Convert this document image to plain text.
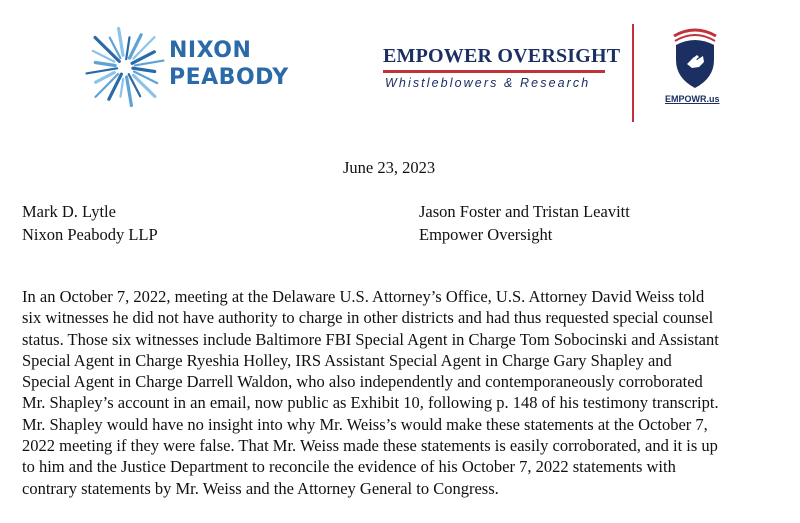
NIXON
PEABODY
EMPOWER OVERSIGHT
Whistleblowers & Research
EMPOWR.us
June 23, 2023
Mark D. Lytle
Nixon Peabody LLP
Jason Foster and Tristan Leavitt
Empower Oversight
In an October 7, 2022, meeting at the Delaware U.S. Attorney’s Office, U.S. Attorney David Weiss told
six witnesses he did not have authority to charge in other districts and had thus requested special counsel
status. Those six witnesses include Baltimore FBI Special Agent in Charge Tom Sobocinski and Assistant
Special Agent in Charge Ryeshia Holley, IRS Assistant Special Agent in Charge Gary Shapley and
Special Agent in Charge Darrell Waldon, who also independently and contemporaneously corroborated
Mr. Shapley’s account in an email, now public as Exhibit 10, following p. 148 of his testimony transcript.
Mr. Shapley would have no insight into why Mr. Weiss’s would make these statements at the October 7,
2022 meeting if they were false. That Mr. Weiss made these statements is easily corroborated, and it is up
to him and the Justice Department to reconcile the evidence of his October 7, 2022 statements with
contrary statements by Mr. Weiss and the Attorney General to Congress.
